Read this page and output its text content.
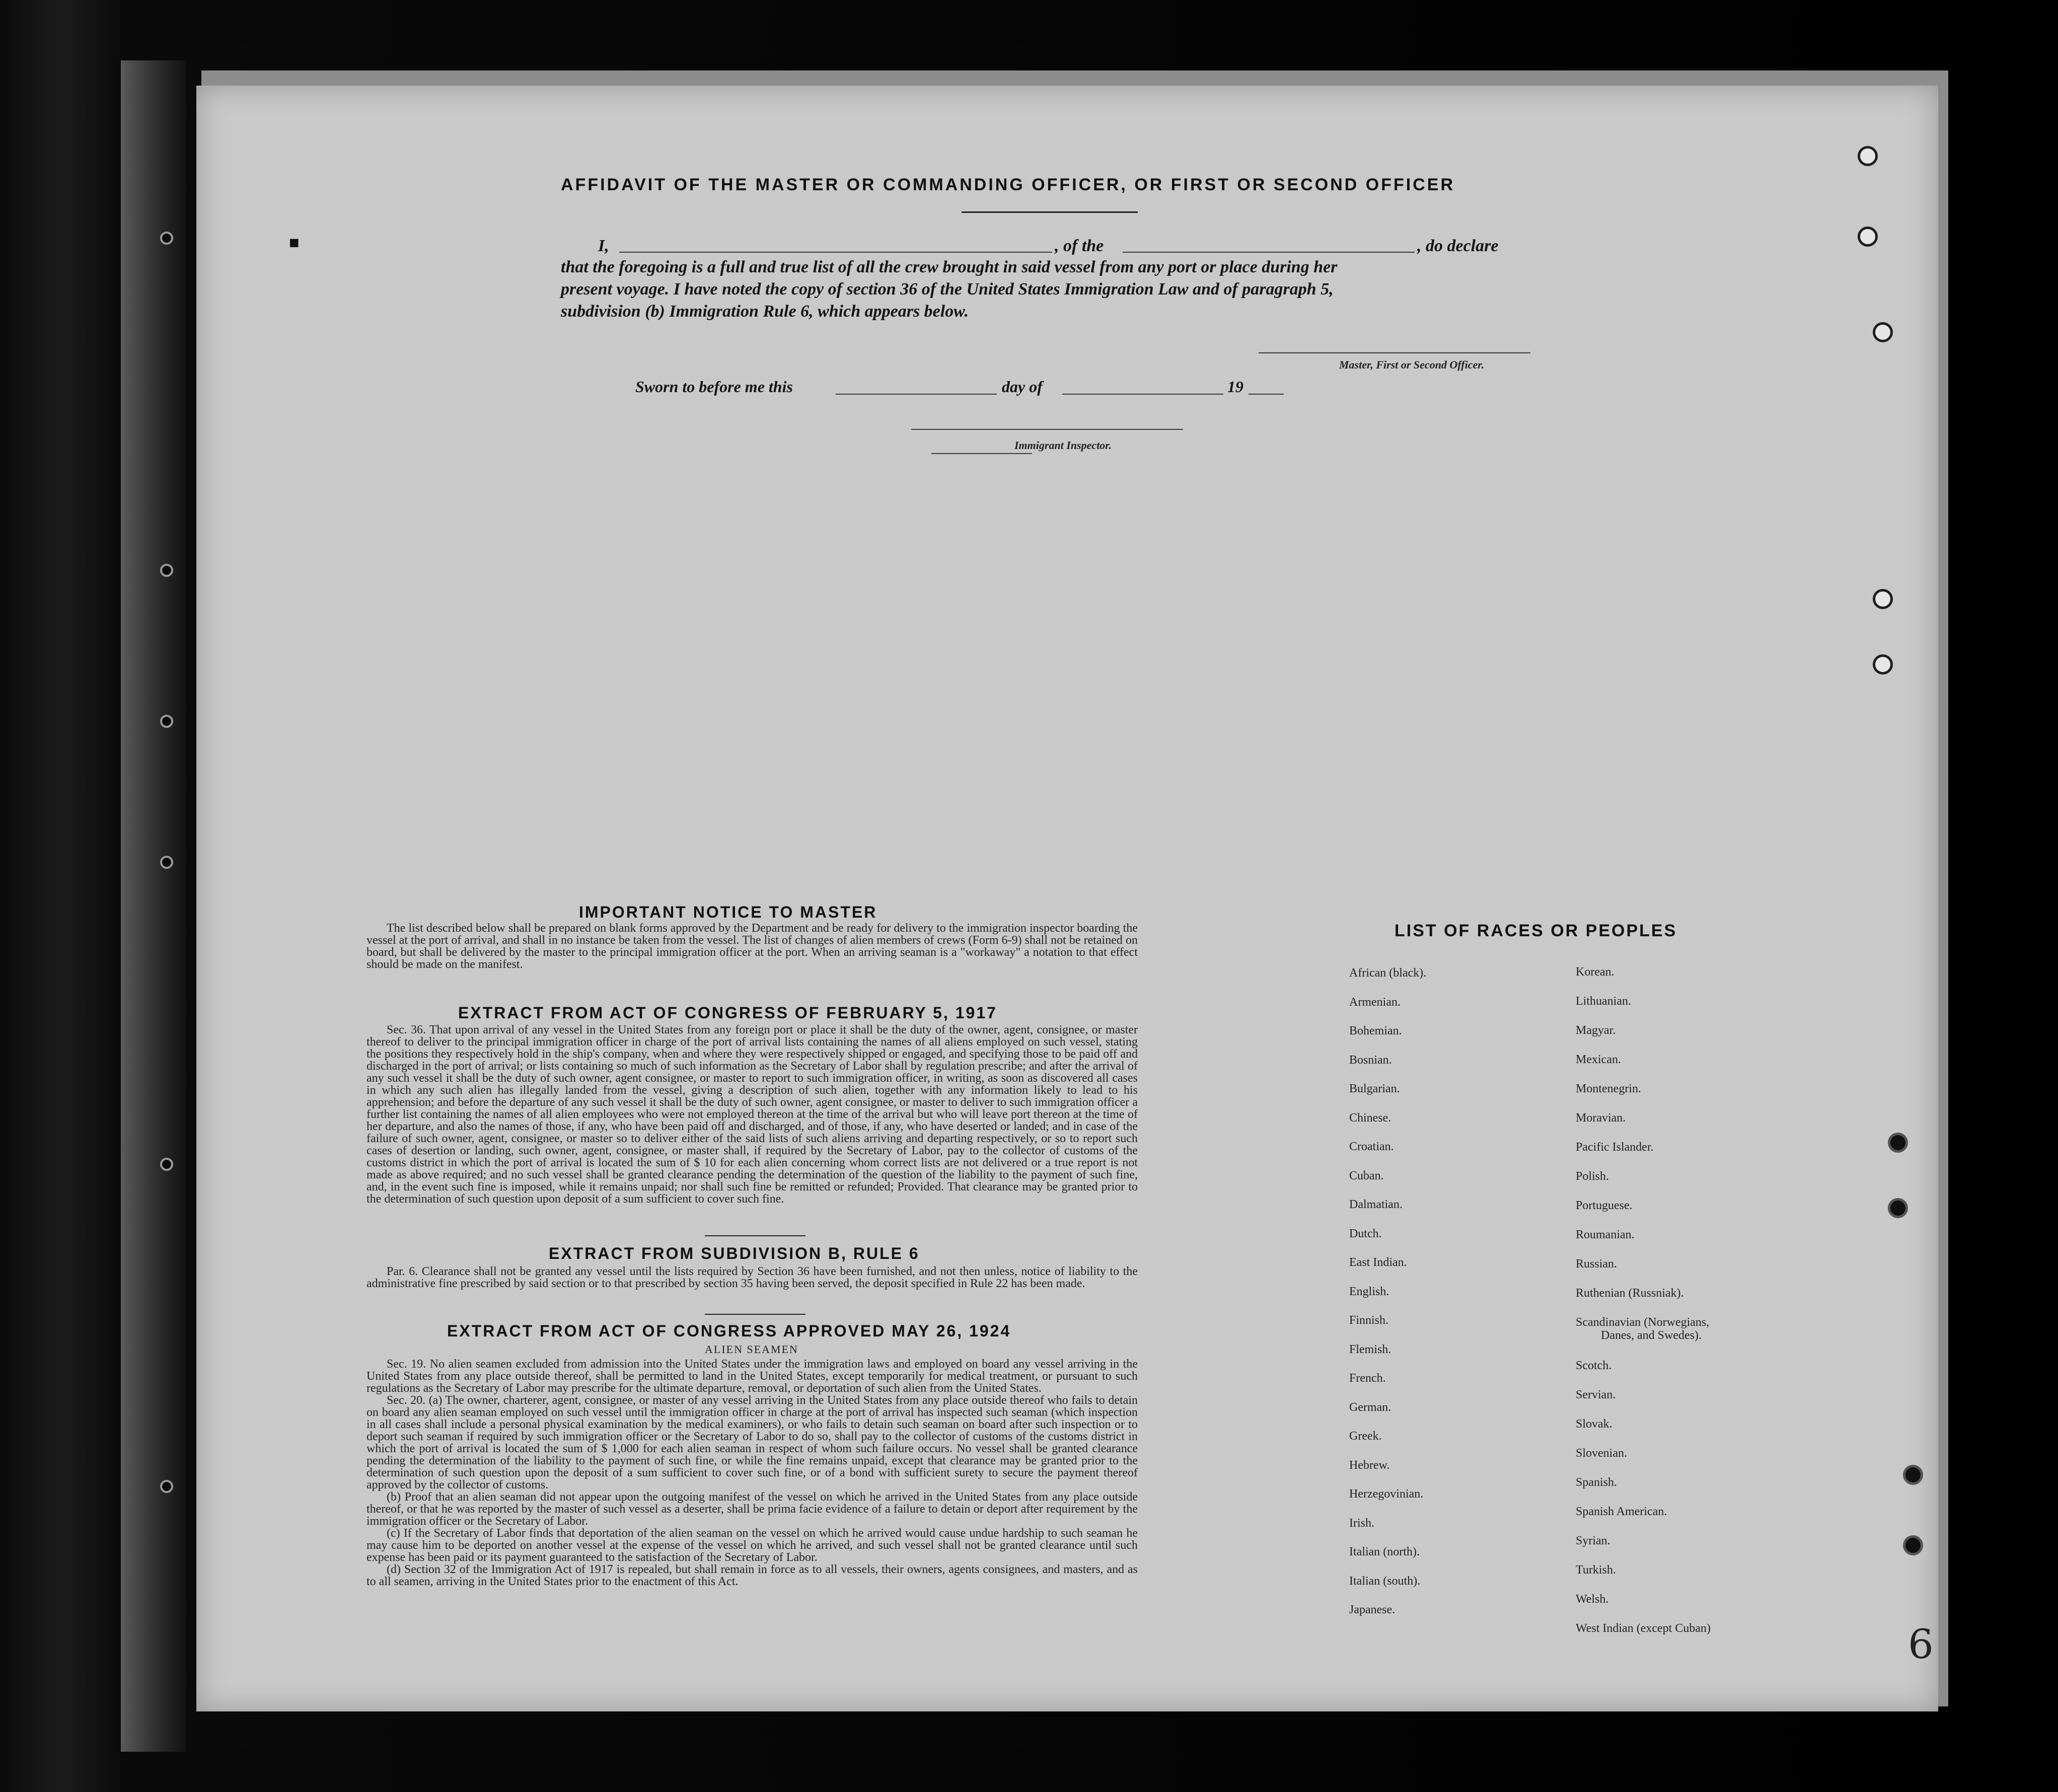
■
AFFIDAVIT OF THE MASTER OR COMMANDING OFFICER, OR FIRST OR SECOND OFFICER
I,	, of the	, do declare
that the foregoing is a full and true list of all the crew brought in said vessel from any port or place during her
present voyage. I have noted the copy of section 36 of the United States Immigration Law and of paragraph 5,
subdivision (b) Immigration Rule 6, which appears below.
Master, First or Second Officer.
Sworn to before me this	day of	19
Immigrant Inspector.
IMPORTANT NOTICE TO MASTER

The list described below shall be prepared on blank forms approved by the Department and be ready for delivery to the immigration inspector boarding the vessel at the port of arrival, and shall in no instance be taken from the vessel. The list of changes of alien members of crews (Form 6-9) shall not be retained on board, but shall be delivered by the master to the principal immigration officer at the port. When an arriving seaman is a "workaway" a notation to that effect should be made on the manifest.

EXTRACT FROM ACT OF CONGRESS OF FEBRUARY 5, 1917

Sec. 36. That upon arrival of any vessel in the United States from any foreign port or place it shall be the duty of the owner, agent, consignee, or master thereof to deliver to the principal immigration officer in charge of the port of arrival lists containing the names of all aliens employed on such vessel, stating the positions they respectively hold in the ship's company, when and where they were respectively shipped or engaged, and specifying those to be paid off and discharged in the port of arrival; or lists containing so much of such information as the Secretary of Labor shall by regulation prescribe; and after the arrival of any such vessel it shall be the duty of such owner, agent consignee, or master to report to such immigration officer, in writing, as soon as discovered all cases in which any such alien has illegally landed from the vessel, giving a description of such alien, together with any information likely to lead to his apprehension; and before the departure of any such vessel it shall be the duty of such owner, agent consignee, or master to deliver to such immigration officer a further list containing the names of all alien employees who were not employed thereon at the time of the arrival but who will leave port thereon at the time of her departure, and also the names of those, if any, who have been paid off and discharged, and of those, if any, who have deserted or landed; and in case of the failure of such owner, agent, consignee, or master so to deliver either of the said lists of such aliens arriving and departing respectively, or so to report such cases of desertion or landing, such owner, agent, consignee, or master shall, if required by the Secretary of Labor, pay to the collector of customs of the customs district in which the port of arrival is located the sum of $ 10 for each alien concerning whom correct lists are not delivered or a true report is not made as above required; and no such vessel shall be granted clearance pending the determination of the question of the liability to the payment of such fine, and, in the event such fine is imposed, while it remains unpaid; nor shall such fine be remitted or refunded; Provided. That clearance may be granted prior to the determination of such question upon deposit of a sum sufficient to cover such fine.

EXTRACT FROM SUBDIVISION B, RULE 6

Par. 6. Clearance shall not be granted any vessel until the lists required by Section 36 have been furnished, and not then unless, notice of liability to the administrative fine prescribed by said section or to that prescribed by section 35 having been served, the deposit specified in Rule 22 has been made.

EXTRACT FROM ACT OF CONGRESS APPROVED MAY 26, 1924
ALIEN SEAMEN

Sec. 19. No alien seamen excluded from admission into the United States under the immigration laws and employed on board any vessel arriving in the United States from any place outside thereof, shall be permitted to land in the United States, except temporarily for medical treatment, or pursuant to such regulations as the Secretary of Labor may prescribe for the ultimate departure, removal, or deportation of such alien from the United States.

Sec. 20. (a) The owner, charterer, agent, consignee, or master of any vessel arriving in the United States from any place outside thereof who fails to detain on board any alien seaman employed on such vessel until the immigration officer in charge at the port of arrival has inspected such seaman (which inspection in all cases shall include a personal physical examination by the medical examiners), or who fails to detain such seaman on board after such inspection or to deport such seaman if required by such immigration officer or the Secretary of Labor to do so, shall pay to the collector of customs of the customs district in which the port of arrival is located the sum of $ 1,000 for each alien seaman in respect of whom such failure occurs. No vessel shall be granted clearance pending the determination of the liability to the payment of such fine, or while the fine remains unpaid, except that clearance may be granted prior to the determination of such question upon the deposit of a sum sufficient to cover such fine, or of a bond with sufficient surety to secure the payment thereof approved by the collector of customs.

(b) Proof that an alien seaman did not appear upon the outgoing manifest of the vessel on which he arrived in the United States from any place outside thereof, or that he was reported by the master of such vessel as a deserter, shall be prima facie evidence of a failure to detain or deport after requirement by the immigration officer or the Secretary of Labor.

(c) If the Secretary of Labor finds that deportation of the alien seaman on the vessel on which he arrived would cause undue hardship to such seaman he may cause him to be deported on another vessel at the expense of the vessel on which he arrived, and such vessel shall not be granted clearance until such expense has been paid or its payment guaranteed to the satisfaction of the Secretary of Labor.

(d) Section 32 of the Immigration Act of 1917 is repealed, but shall remain in force as to all vessels, their owners, agents consignees, and masters, and as to all seamen, arriving in the United States prior to the enactment of this Act.

LIST OF RACES OR PEOPLES
6
African (black).
Armenian.
Bohemian.
Bosnian.
Bulgarian.
Chinese.
Croatian.
Cuban.
Dalmatian.
Dutch.
East Indian.
English.
Finnish.
Flemish.
French.
German.
Greek.
Hebrew.
Herzegovinian.
Irish.
Italian (north).
Italian (south).
Japanese.
Korean.
Lithuanian.
Magyar.
Mexican.
Montenegrin.
Moravian.
Pacific Islander.
Polish.
Portuguese.
Roumanian.
Russian.
Ruthenian (Russniak).
Scandinavian (Norwegians,
Danes, and Swedes).
Scotch.
Servian.
Slovak.
Slovenian.
Spanish.
Spanish American.
Syrian.
Turkish.
Welsh.
West Indian (except Cuban)
